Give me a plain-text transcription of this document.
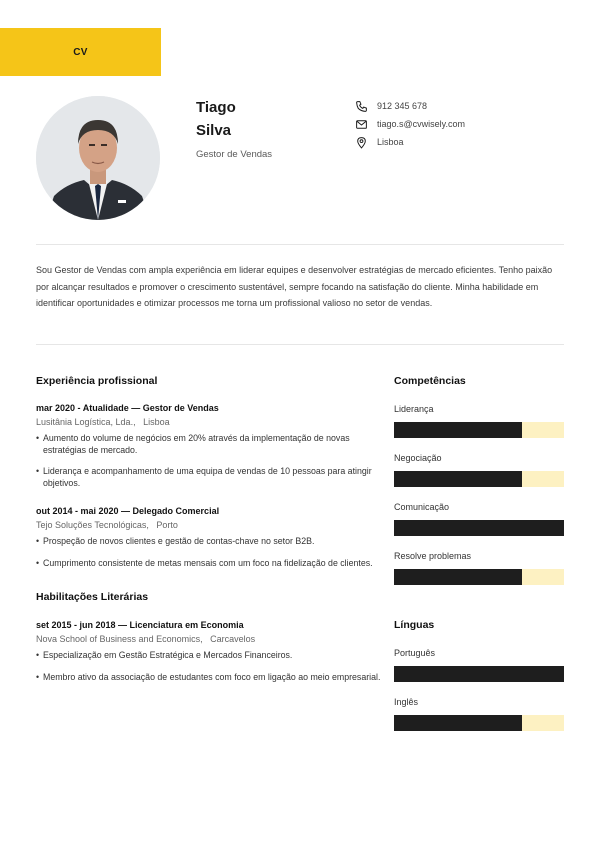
CV
Tiago
Silva
Gestor de Vendas
912 345 678
tiago.s@cvwisely.com
Lisboa

Sou Gestor de Vendas com ampla experiência em liderar equipes e desenvolver estratégias de mercado eficientes. Tenho paixão por alcançar resultados e promover o crescimento sustentável, sempre focando na satisfação do cliente. Minha habilidade em identificar oportunidades e otimizar processos me torna um profissional valioso no setor de vendas.

Experiência profissional
mar 2020 - Atualidade — Gestor de Vendas
Lusitânia Logística, Lda., Lisboa
• Aumento do volume de negócios em 20% através da implementação de novas estratégias de mercado.
• Liderança e acompanhamento de uma equipa de vendas de 10 pessoas para atingir objetivos.
out 2014 - mai 2020 — Delegado Comercial
Tejo Soluções Tecnológicas, Porto
• Prospeção de novos clientes e gestão de contas-chave no setor B2B.
• Cumprimento consistente de metas mensais com um foco na fidelização de clientes.
Habilitações Literárias
set 2015 - jun 2018 — Licenciatura em Economia
Nova School of Business and Economics, Carcavelos
• Especialização em Gestão Estratégica e Mercados Financeiros.
• Membro ativo da associação de estudantes com foco em ligação ao meio empresarial.
Competências
Liderança
Negociação
Comunicação
Resolve problemas
Línguas
Português
Inglês
